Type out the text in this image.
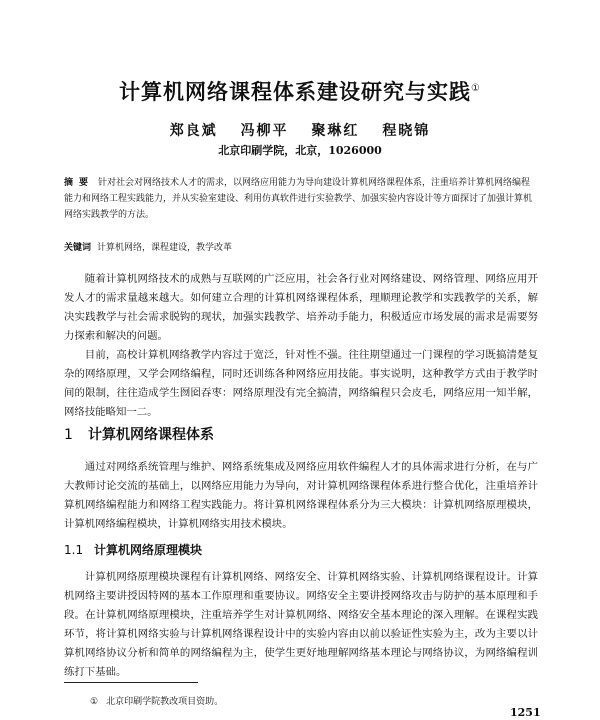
计算机网络课程体系建设研究与实践①
郑良斌 冯柳平 聚琳红 程晓锦
北京印刷学院，北京，1026000
摘要 针对社会对网络技术人才的需求，以网络应用能力为导向建设计算机网络课程体系，注重培养计算机网络编程能力和网络工程实践能力，并从实验室建设、利用仿真软件进行实验教学、加强实验内容设计等方面探讨了加强计算机网络实践教学的方法。
关键词 计算机网络，课程建设，教学改革
随着计算机网络技术的成熟与互联网的广泛应用，社会各行业对网络建设、网络管理、网络应用开发人才的需求量越来越大。如何建立合理的计算机网络课程体系，理顺理论教学和实践教学的关系，解决实践教学与社会需求脱钩的现状，加强实践教学、培养动手能力，积极适应市场发展的需求是需要努力探索和解决的问题。
目前，高校计算机网络教学内容过于宽泛，针对性不强。往往期望通过一门课程的学习既搞清楚复杂的网络原理，又学会网络编程，同时还训练各种网络应用技能。事实说明，这种教学方式由于教学时间的限制，往往造成学生囫囵吞枣：网络原理没有完全搞清，网络编程只会皮毛，网络应用一知半解，网络技能略知一二。
1 计算机网络课程体系
通过对网络系统管理与维护、网络系统集成及网络应用软件编程人才的具体需求进行分析，在与广大教师讨论交流的基础上，以网络应用能力为导向，对计算机网络课程体系进行整合优化，注重培养计算机网络编程能力和网络工程实践能力。将计算机网络课程体系分为三大模块：计算机网络原理模块，计算机网络编程模块，计算机网络实用技术模块。
1.1 计算机网络原理模块
计算机网络原理模块课程有计算机网络、网络安全、计算机网络实验、计算机网络课程设计。计算机网络主要讲授因特网的基本工作原理和重要协议。网络安全主要讲授网络攻击与防护的基本原理和手段。在计算机网络原理模块，注重培养学生对计算机网络、网络安全基本理论的深入理解。在课程实践环节，将计算机网络实验与计算机网络课程设计中的实验内容由以前以验证性实验为主，改为主要以计算机网络协议分析和简单的网络编程为主，使学生更好地理解网络基本理论与网络协议，为网络编程训练打下基础。
① 北京印刷学院教改项目资助。
1251
